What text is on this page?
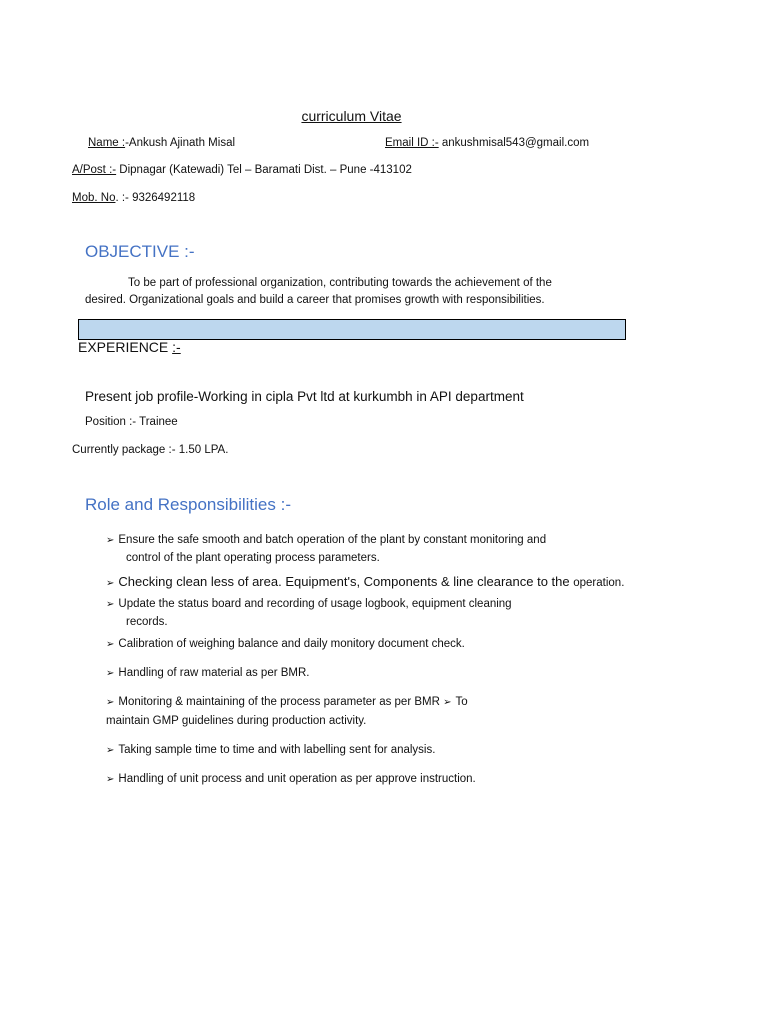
curriculum Vitae
Name :-Ankush Ajinath Misal	Email ID :- ankushmisal543@gmail.com
A/Post :- Dipnagar (Katewadi) Tel – Baramati Dist. – Pune -413102
Mob. No. :- 9326492118
OBJECTIVE :-
To be part of professional organization, contributing towards the achievement of the
desired. Organizational goals and build a career that promises growth with responsibilities.
EXPERIENCE :-
Present job profile-Working in cipla Pvt ltd at kurkumbh in API department
Position :- Trainee
Currently package :- 1.50 LPA.
Role and Responsibilities :-
➢ Ensure the safe smooth and batch operation of the plant by constant monitoring and
control of the plant operating process parameters.
➢ Checking clean less of area. Equipment's, Components & line clearance to the operation.
➢ Update the status board and recording of usage logbook, equipment cleaning
records.
➢ Calibration of weighing balance and daily monitory document check.
➢ Handling of raw material as per BMR.
➢ Monitoring & maintaining of the process parameter as per BMR ➢ To
maintain GMP guidelines during production activity.
➢ Taking sample time to time and with labelling sent for analysis.
➢ Handling of unit process and unit operation as per approve instruction.
